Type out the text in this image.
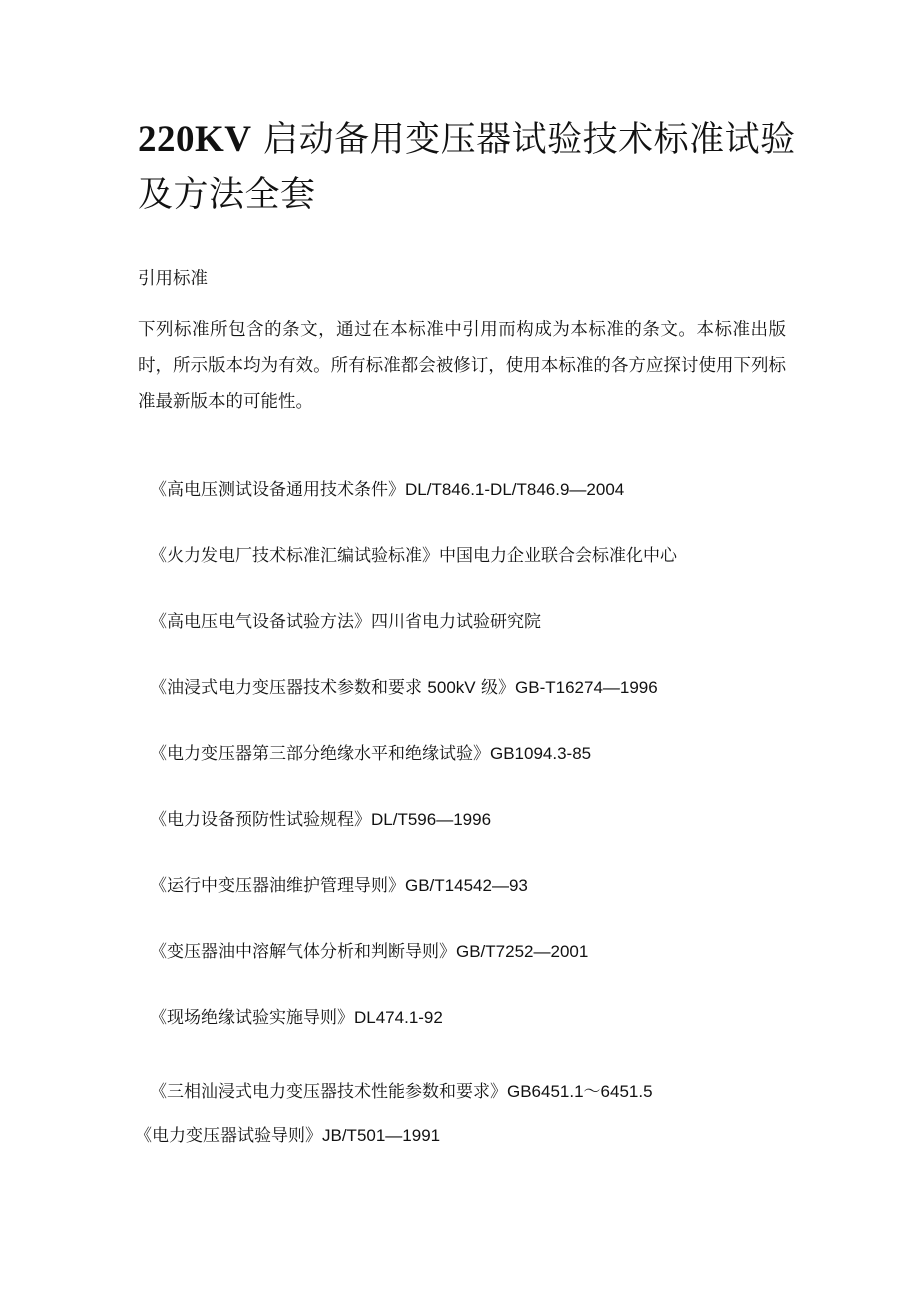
220KV 启动备用变压器试验技术标准试验及方法全套
引用标准

下列标准所包含的条文，通过在本标准中引用而构成为本标准的条文。本标准出版时，所示版本均为有效。所有标准都会被修订，使用本标准的各方应探讨使用下列标准最新版本的可能性。

《高电压测试设备通用技术条件》DL/T846.1-DL/T846.9—2004
《火力发电厂技术标准汇编试验标准》中国电力企业联合会标准化中心
《高电压电气设备试验方法》四川省电力试验研究院
《油浸式电力变压器技术参数和要求 500kV 级》GB-T16274—1996
《电力变压器第三部分绝缘水平和绝缘试验》GB1094.3-85
《电力设备预防性试验规程》DL/T596—1996
《运行中变压器油维护管理导则》GB/T14542—93
《变压器油中溶解气体分析和判断导则》GB/T7252—2001
《现场绝缘试验实施导则》DL474.1-92
《三相汕浸式电力变压器技术性能参数和要求》GB6451.1～6451.5
《电力变压器试验导则》JB/T501—1991
